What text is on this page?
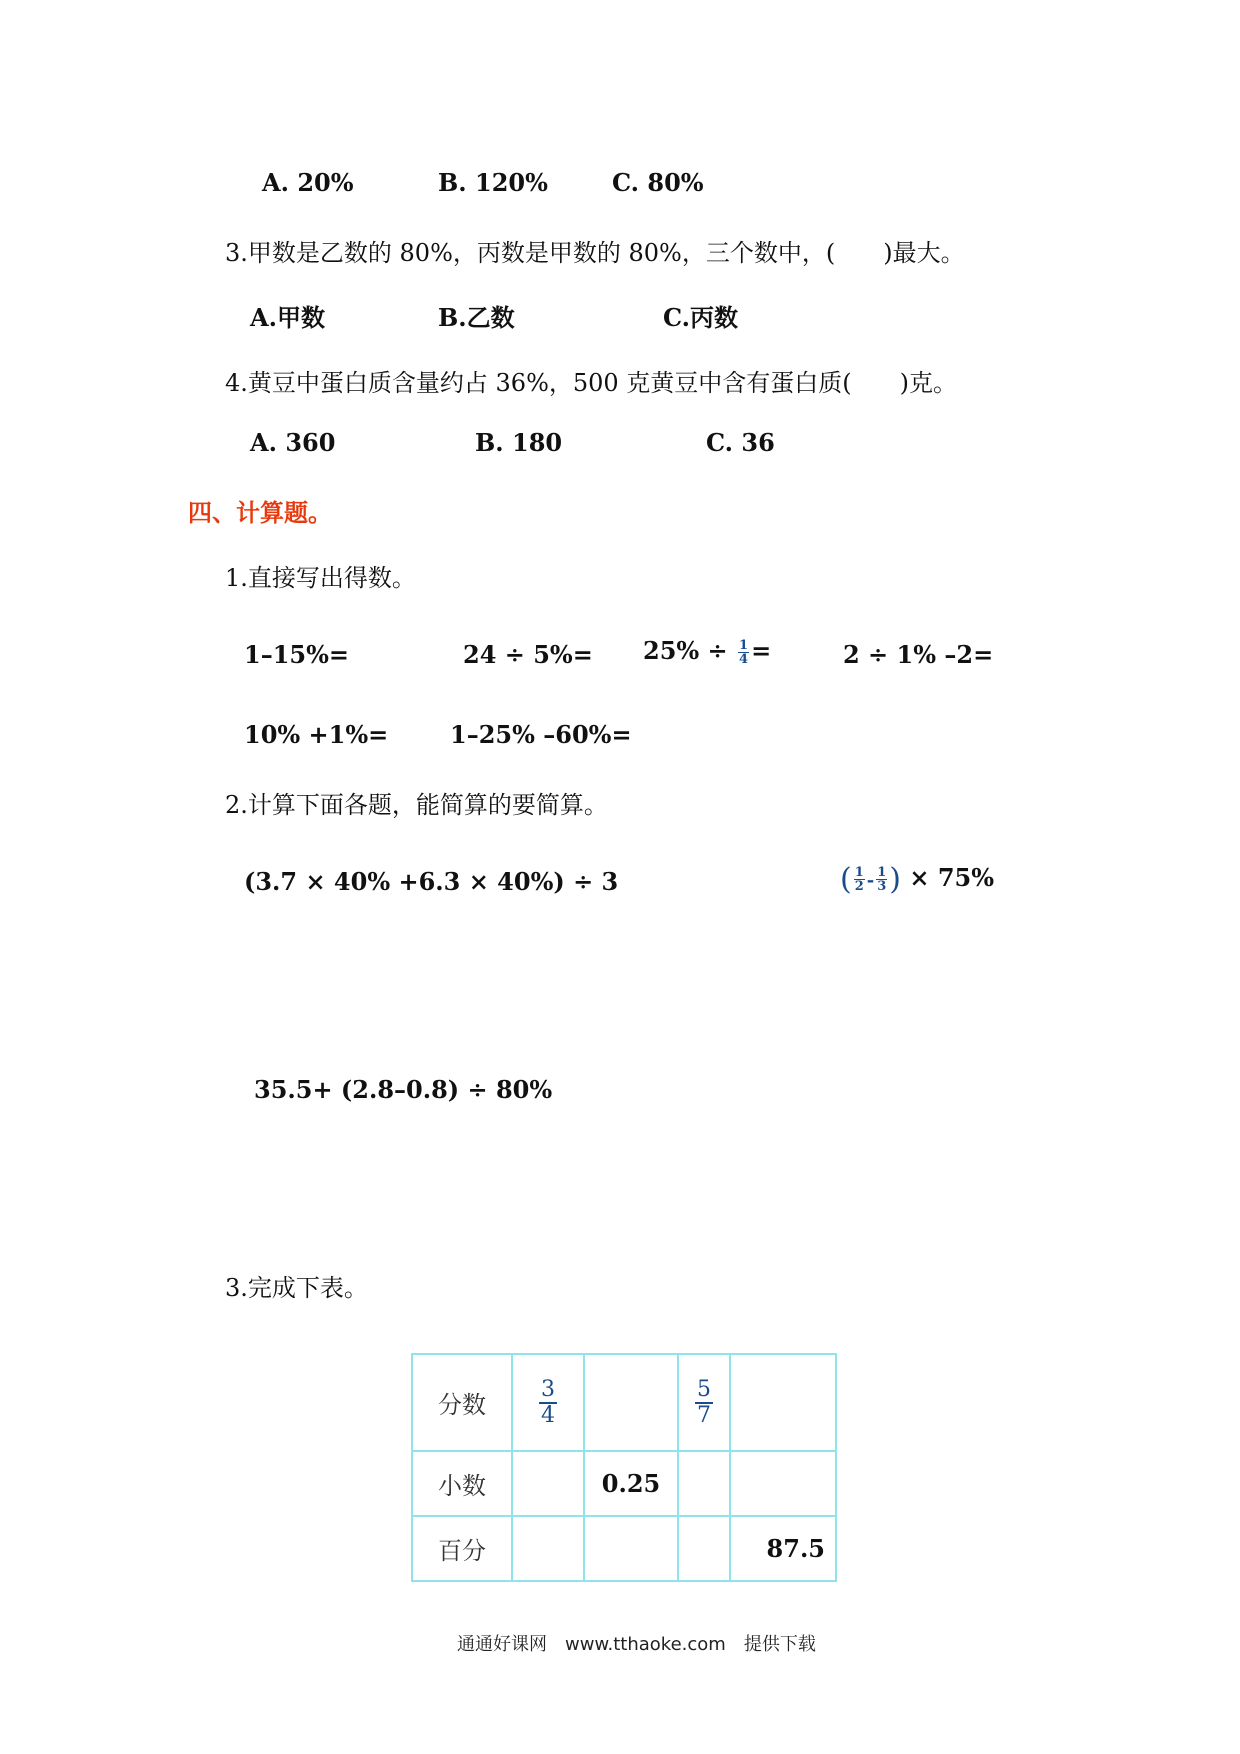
A. 20%	B. 120%	C. 80%
3.甲数是乙数的 80%，丙数是甲数的 80%，三个数中，(　　)最大。
A.甲数	B.乙数	C.丙数
4.黄豆中蛋白质含量约占 36%，500 克黄豆中含有蛋白质(　　)克。
A. 360	B. 180	C. 36
四、计算题。
1.直接写出得数。
1–15%=	$24 \div 5\%= 25\% \div \frac{1}{4}$ =	2 ÷ 1% –2=
10% +1%=	1–25% –60%=
2.计算下面各题，能简算的要简算。
(3.7 × 40% +6.3 × 40%) ÷ 3	( $\frac{1}{2} - \frac{1}{3}$ ) × 75%
35.5+ (2.8–0.8) ÷ 80%
3.完成下表。
分数	$\frac{3}{4}$		$\frac{5}{7}$

小数		0.25		
百分				87.5
通通好课网　www.tthaoke.com　提供下载
